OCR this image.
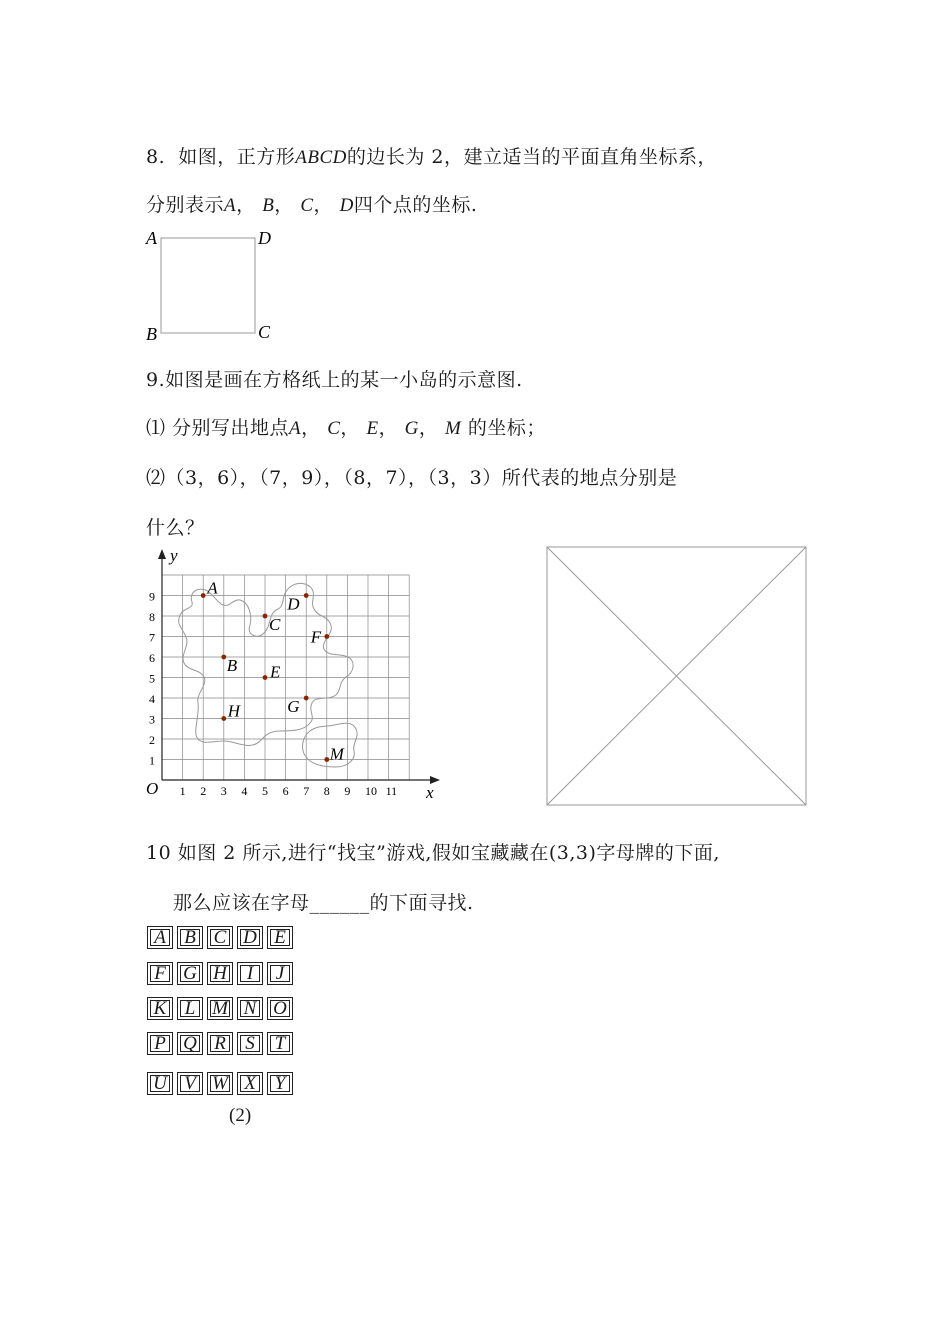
8. 如图，正方形ABCD的边长为 2，建立适当的平面直角坐标系，
分别表示A， B， C， D四个点的坐标.
A	D
B	C
9.如图是画在方格纸上的某一小岛的示意图.
⑴ 分别写出地点A， C， E， G， M 的坐标；
⑵（3，6），（7，9），（8，7），（3，3）所代表的地点分别是
什么？
O	x
y
1 2 3 4 5 6 7 8 9 10 11
1
2
3
4
5
6
7
8
9	A
B
C
D
E
F
G
H
M
10 如图 2 所示,进行“找宝”游戏,假如宝藏藏在(3,3)字母牌的下面,
那么应该在字母______的下面寻找.
A B C D E
F G H	I	J
K L M N O
P Q R	S	T
U V W X Y
(2)
